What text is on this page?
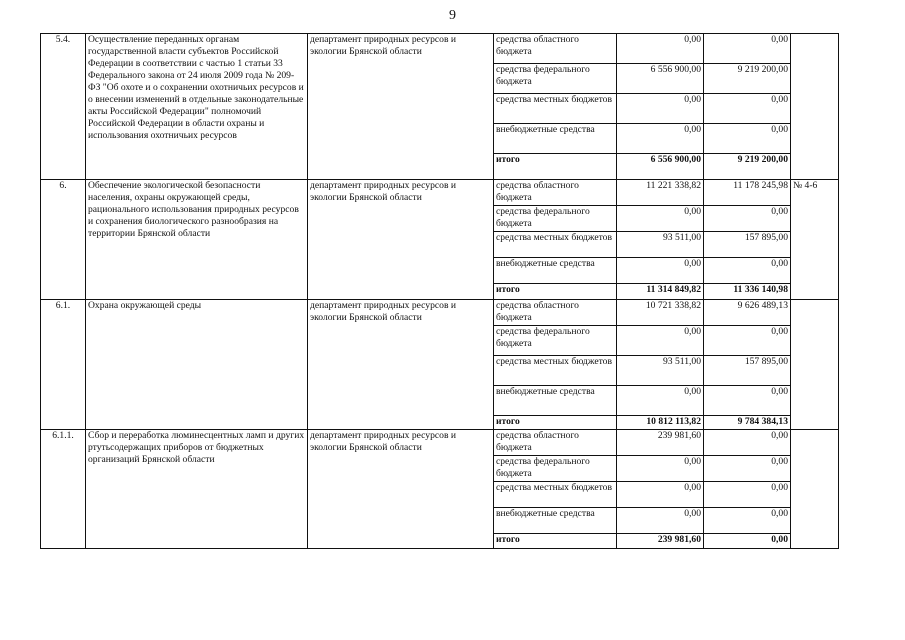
9
5.4.	Осуществление переданных органам государственной власти субъектов Российской Федерации в соответствии с частью 1 статьи 33 Федерального закона от 24 июля 2009 года № 209-ФЗ "Об охоте и о сохранении охотничьих ресурсов и о внесении изменений в отдельные законодательные акты Российской Федерации" полномочий Российской Федерации в области охраны и использования охотничьих ресурсов	департамент природных ресурсов и экологии Брянской области	средства областного бюджета	0,00	0,00	
			средства федерального бюджета	6 556 900,00	9 219 200,00	
			средства местных бюджетов	0,00	0,00	
			внебюджетные средства	0,00	0,00	
			итого	6 556 900,00	9 219 200,00	
6.	Обеспечение экологической безопасности населения, охраны окружающей среды, рационального использования природных ресурсов и сохранения биологического разнообразия на территории Брянской области	департамент природных ресурсов и экологии Брянской области	средства областного бюджета	11 221 338,82	11 178 245,98	№ 4-6
			средства федерального бюджета	0,00	0,00	
			средства местных бюджетов	93 511,00	157 895,00	
			внебюджетные средства	0,00	0,00	
			итого	11 314 849,82	11 336 140,98	
6.1.	Охрана окружающей среды	департамент природных ресурсов и экологии Брянской области	средства областного бюджета	10 721 338,82	9 626 489,13	
			средства федерального бюджета	0,00	0,00	
			средства местных бюджетов	93 511,00	157 895,00	
			внебюджетные средства	0,00	0,00	
			итого	10 812 113,82	9 784 384,13	
6.1.1.	Сбор и переработка люминесцентных ламп и других ртутьсодержащих приборов от бюджетных организаций Брянской области	департамент природных ресурсов и экологии Брянской области	средства областного бюджета	239 981,60	0,00	
			средства федерального бюджета	0,00	0,00	
			средства местных бюджетов	0,00	0,00	
			внебюджетные средства	0,00	0,00	
			итого	239 981,60	0,00	
